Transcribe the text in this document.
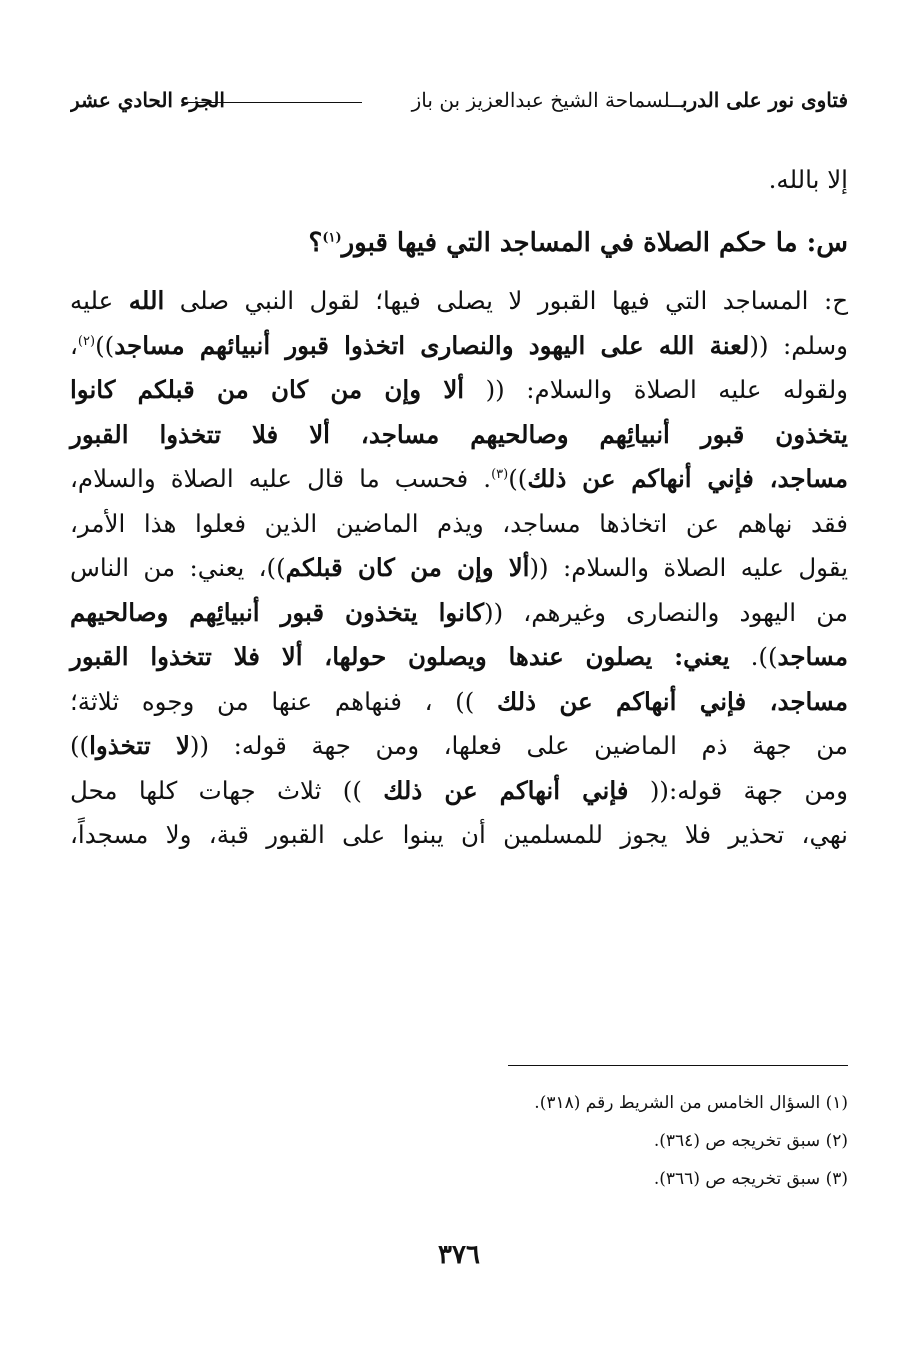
فتاوى نور على الدربــلسماحة الشيخ عبدالعزيز بن باز
الجزء الحادي عشر

إلا بالله.

س: ما حكم الصلاة في المساجد التي فيها قبور$^{(١)}$؟

ح: المساجد التي فيها القبور لا يصلى فيها؛ لقول النبي صلى الله عليه
وسلم: ((لعنة الله على اليهود والنصارى اتخذوا قبور أنبيائهم مساجد))$^{(٢)}$،
ولقوله عليه الصلاة والسلام: (( ألا وإن من كان من قبلكم كانوا
يتخذون قبور أنبيائِهم وصالحيهم مساجد، ألا فلا تتخذوا القبور
مساجد، فإني أنهاكم عن ذلك))$^{(٣)}$. فحسب ما قال عليه الصلاة والسلام،
فقد نهاهم عن اتخاذها مساجد، ويذم الماضين الذين فعلوا هذا الأمر،
يقول عليه الصلاة والسلام: ((ألا وإن من كان قبلكم))، يعني: من الناس
من اليهود والنصارى وغيرهم، ((كانوا يتخذون قبور أنبيائِهم وصالحيهم
مساجد)). يعني: يصلون عندها ويصلون حولها، ألا فلا تتخذوا القبور
مساجد، فإني أنهاكم عن ذلك )) ، فنهاهم عنها من وجوه ثلاثة؛
من جهة ذم الماضين على فعلها، ومن جهة قوله: ((لا تتخذوا))
ومن جهة قوله:(( فإني أنهاكم عن ذلك )) ثلاث جهات كلها محل
نهي، تحذير فلا يجوز للمسلمين أن يبنوا على القبور قبة، ولا مسجداً،
(١) السؤال الخامس من الشريط رقم (٣١٨).
(٢) سبق تخريجه ص (٣٦٤).
(٣) سبق تخريجه ص (٣٦٦).
٣٧٦
